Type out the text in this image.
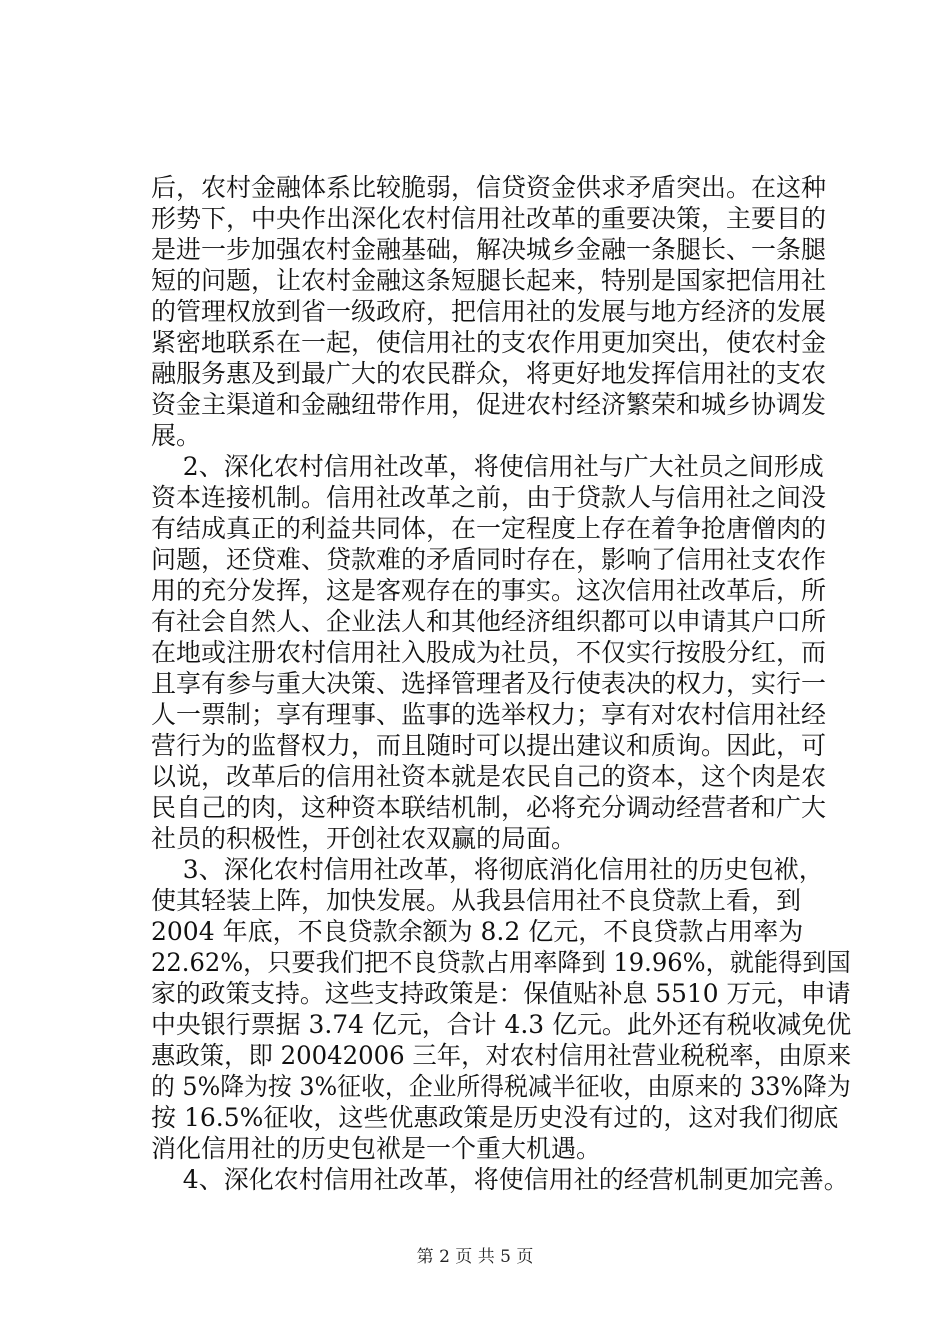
后，农村金融体系比较脆弱，信贷资金供求矛盾突出。在这种
形势下，中央作出深化农村信用社改革的重要决策，主要目的
是进一步加强农村金融基础，解决城乡金融一条腿长、一条腿
短的问题，让农村金融这条短腿长起来，特别是国家把信用社
的管理权放到省一级政府，把信用社的发展与地方经济的发展
紧密地联系在一起，使信用社的支农作用更加突出，使农村金
融服务惠及到最广大的农民群众，将更好地发挥信用社的支农
资金主渠道和金融纽带作用，促进农村经济繁荣和城乡协调发
展。
2、深化农村信用社改革，将使信用社与广大社员之间形成
资本连接机制。信用社改革之前，由于贷款人与信用社之间没
有结成真正的利益共同体，在一定程度上存在着争抢唐僧肉的
问题，还贷难、贷款难的矛盾同时存在，影响了信用社支农作
用的充分发挥，这是客观存在的事实。这次信用社改革后，所
有社会自然人、企业法人和其他经济组织都可以申请其户口所
在地或注册农村信用社入股成为社员，不仅实行按股分红，而
且享有参与重大决策、选择管理者及行使表决的权力，实行一
人一票制；享有理事、监事的选举权力；享有对农村信用社经
营行为的监督权力，而且随时可以提出建议和质询。因此，可
以说，改革后的信用社资本就是农民自己的资本，这个肉是农
民自己的肉，这种资本联结机制，必将充分调动经营者和广大
社员的积极性，开创社农双赢的局面。
3、深化农村信用社改革，将彻底消化信用社的历史包袱，
使其轻装上阵，加快发展。从我县信用社不良贷款上看，到
2004 年底，不良贷款余额为 8.2 亿元，不良贷款占用率为
22.62%，只要我们把不良贷款占用率降到 19.96%，就能得到国
家的政策支持。这些支持政策是：保值贴补息 5510 万元，申请
中央银行票据 3.74 亿元，合计 4.3 亿元。此外还有税收减免优
惠政策，即 20042006 三年，对农村信用社营业税税率，由原来
的 5%降为按 3%征收，企业所得税减半征收，由原来的 33%降为
按 16.5%征收，这些优惠政策是历史没有过的，这对我们彻底
消化信用社的历史包袱是一个重大机遇。
4、深化农村信用社改革，将使信用社的经营机制更加完善。
第 2 页 共 5 页
